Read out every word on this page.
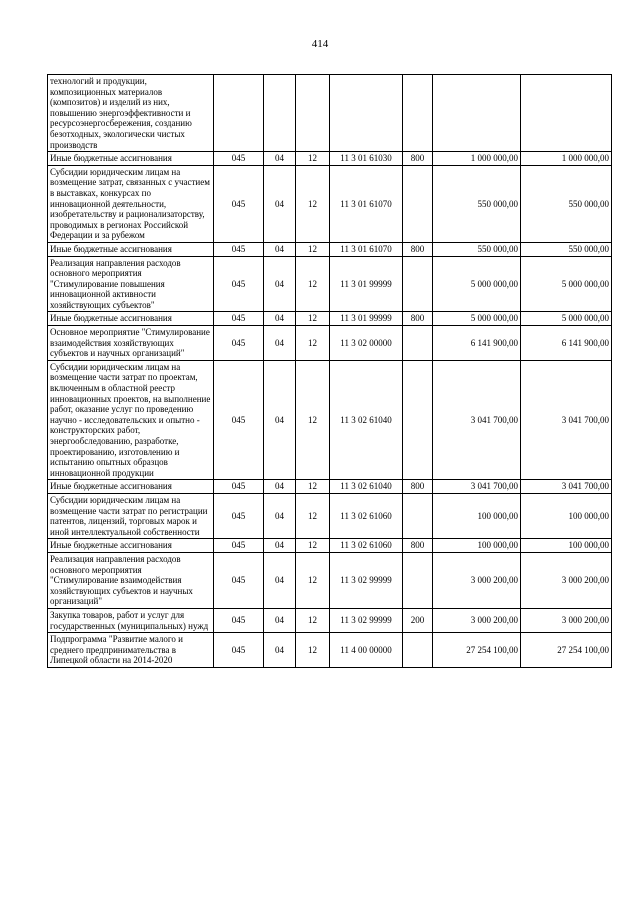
414
технологий и продукции, композиционных материалов (композитов) и изделий из них, повышению энергоэффективности и ресурсоэнергосбережения, созданию безотходных, экологически чистых производств							
Иные бюджетные ассигнования	045	04	12	11 3 01 61030	800	1 000 000,00	1 000 000,00
Субсидии юридическим лицам на возмещение затрат, связанных с участием в выставках, конкурсах по инновационной деятельности, изобретательству и рационализаторству, проводимых в регионах Российской Федерации и за рубежом	045	04	12	11 3 01 61070		550 000,00	550 000,00
Иные бюджетные ассигнования	045	04	12	11 3 01 61070	800	550 000,00	550 000,00
Реализация направления расходов основного мероприятия "Стимулирование повышения инновационной активности хозяйствующих субъектов"	045	04	12	11 3 01 99999		5 000 000,00	5 000 000,00
Иные бюджетные ассигнования	045	04	12	11 3 01 99999	800	5 000 000,00	5 000 000,00
Основное мероприятие "Стимулирование взаимодействия хозяйствующих субъектов и научных организаций"	045	04	12	11 3 02 00000		6 141 900,00	6 141 900,00
Субсидии юридическим лицам на возмещение части затрат по проектам, включенным в областной реестр инновационных проектов, на выполнение работ, оказание услуг по проведению научно - исследовательских и опытно - конструкторских работ, энергообследованию, разработке, проектированию, изготовлению и испытанию опытных образцов инновационной продукции	045	04	12	11 3 02 61040		3 041 700,00	3 041 700,00
Иные бюджетные ассигнования	045	04	12	11 3 02 61040	800	3 041 700,00	3 041 700,00
Субсидии юридическим лицам на возмещение части затрат по регистрации патентов, лицензий, торговых марок и иной интеллектуальной собственности	045	04	12	11 3 02 61060		100 000,00	100 000,00
Иные бюджетные ассигнования	045	04	12	11 3 02 61060	800	100 000,00	100 000,00
Реализация направления расходов основного мероприятия "Стимулирование взаимодействия хозяйствующих субъектов и научных организаций"	045	04	12	11 3 02 99999		3 000 200,00	3 000 200,00
Закупка товаров, работ и услуг для государственных (муниципальных) нужд	045	04	12	11 3 02 99999	200	3 000 200,00	3 000 200,00
Подпрограмма "Развитие малого и среднего предпринимательства в Липецкой области на 2014-2020	045	04	12	11 4 00 00000		27 254 100,00	27 254 100,00
